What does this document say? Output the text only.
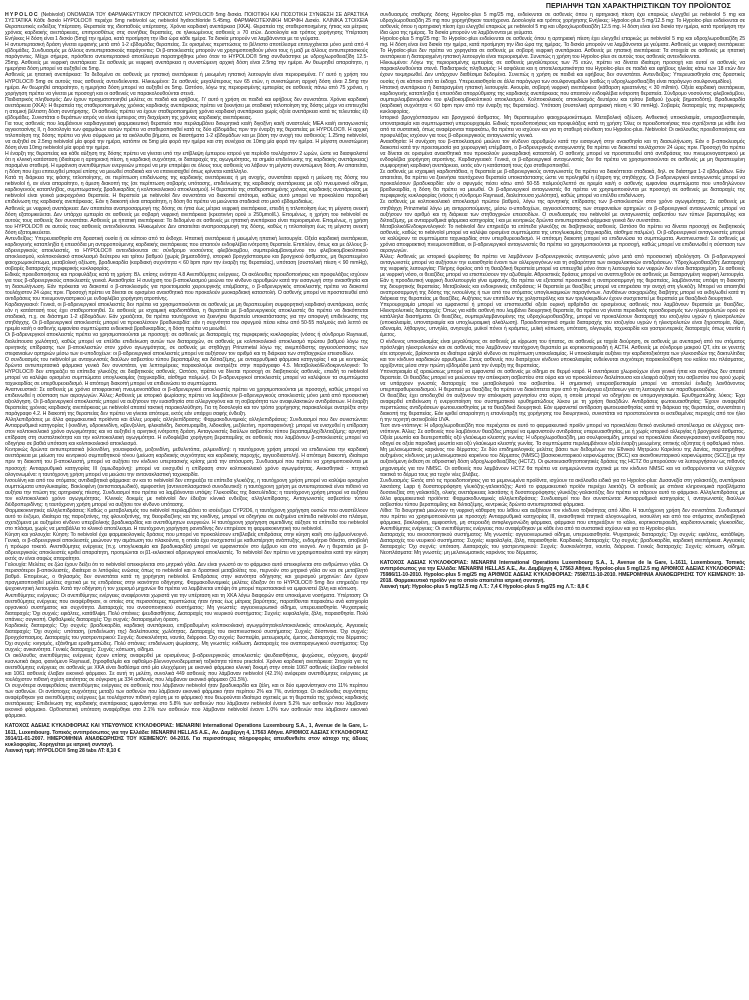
ΠΕΡΙΛΗΨΗ ΤΩΝ ΧΑΡΑΚΤΗΡΙΣΤΙΚΩΝ ΤΟΥ ΠΡΟΪΟΝΤΟΣ

HYPOLOC (Nebivolol) ΟΝΟΜΑΣΙΑ ΤΟΥ ΦΑΡΜΑΚΕΥΤΙΚΟΥ ΠΡΟΪΟΝΤΟΣ HYPOLOC® 5mg δισκία. ΠΟΙΟΤΙΚΗ ΚΑΙ ΠΟΣΟΤΙΚΗ ΣΥΝΘΕΣΗ ΣΕ ΔΡΑΣΤΙΚΑ ΣΥΣΤΑΤΙΚΑ Κάθε δισκίο HYPOLOC® περιέχει 5mg nebivolol ως nebivolol hydrochloride 5.45mg. ΦΑΡΜΑΚΟΤΕΧΝΙΚΗ ΜΟΡΦΗ Δισκίο. ΚΛΙΝΙΚΑ ΣΤΟΙΧΕΙΑ Θεραπευτικές ενδείξεις Υπέρταση. Θεραπεία της ιδιοπαθούς υπέρτασης. Χρόνια καρδιακή ανεπάρκεια (ΧΚΑ). Θεραπεία της σταθεροποιημένης ήπιας και μέτριας χρόνιας καρδιακής ανεπάρκειας, επιπροσθέτως στις συνήθεις θεραπείες, σε ηλικιωμένους ασθενείς ≥ 70 ετών. Δοσολογία και τρόπος χορήγησης Υπέρταση Ενήλικες Η δόση είναι 1 δισκίο (5mg) την ημέρα, κατά προτίμηση την ίδια ώρα κάθε ημέρα. Τα δισκία μπορούν να λαμβάνονται με τα γεύματα.

Η αντιυπερτασική δράση γίνεται εμφανής μετά από 1-2 εβδομάδες θεραπείας. Σε ορισμένες περιπτώσεις το βέλτιστο αποτέλεσμα επιτυγχάνεται μόνο μετά από 4 εβδομάδες. Συνδυασμός με άλλους αντιυπερτασικούς παράγοντες: Οι β-αποκλειστές μπορούν να χρησιμοποιηθούν μόνοι τους ή μαζί με άλλους αντιυπερτασικούς παράγοντες. Μέχρι σήμερα, πρόσθετο αντιυπερτασικό αποτέλεσμα παρατηρήθηκε μόνο όταν το HYPOLOC® 5mg συνδυάστηκε με υδροχλωροθειαζίδη 12.5-25mg. Ασθενείς με νεφρική ανεπάρκεια: Σε ασθενείς με νεφρική ανεπάρκεια η συνιστώμενη αρχική δόση είναι 2.5mg την ημέρα. Αν θεωρηθεί απαραίτητο, η ημερήσια δόση μπορεί να αυξηθεί σε 5mg.

Ασθενείς με ηπατική ανεπάρκεια: Τα δεδομένα σε ασθενείς με ηπατική ανεπάρκεια ή μειωμένη ηπατική λειτουργία είναι περιορισμένα. Γι' αυτό η χρήση του HYPOLOC® 5mg σε αυτούς τους ασθενείς αντενδείκνυται. Ηλικιωμένοι: Σε ασθενείς μεγαλύτερους των 65 ετών, η συνιστώμενη αρχική δόση είναι 2.5mg την ημέρα. Αν θεωρηθεί απαραίτητο, η ημερήσια δόση μπορεί να αυξηθεί σε 5mg. Ωστόσο, λόγω της περιορισμένης εμπειρίας σε ασθενείς πάνω από 75 χρόνια, η χορήγηση πρέπει να γίνεται με προσοχή και οι ασθενείς να παρακολουθούνται στενά.

Παιδιατρικός πληθυσμός: Δεν έχουν πραγματοποιηθεί μελέτες σε παιδιά και εφήβους. Γι' αυτό η χρήση σε παιδιά και εφήβους δεν συνιστάται. Χρόνια καρδιακή ανεπάρκεια (ΧΚΑ): Η θεραπεία της σταθεροποιημένης χρόνιας καρδιακής ανεπάρκειας πρέπει να ξεκινήσει με σταδιακή τιτλοποίηση της δόσης μέχρι να επιτευχθεί η ατομική βέλτιστη δόση συντήρησης. Οι ασθενείς πρέπει να έχουν σταθεροποιημένη χρόνια καρδιακή ανεπάρκεια χωρίς οξεία ανεπάρκεια κατά τις τελευταίες έξι εβδομάδες. Συνιστάται ο θεράπων ιατρός να είναι έμπειρος στη διαχείριση της χρόνιας καρδιακής ανεπάρκειας.

Για τους ασθενείς που λαμβάνουν καρδιαγγειακή φαρμακευτική θεραπεία που περιλαμβάνει διουρητικά και/ή διγοξίνη και/ή αναστολείς ΜΕΑ και/ή ανταγωνιστές αγγειοτασίνης ΙΙ, η δοσολογία των φαρμάκων αυτών πρέπει να σταθεροποιηθεί κατά τις δύο εβδομάδες πριν την έναρξη της θεραπείας με HYPOLOC®. Η αρχική τιτλοποίηση της δόσης πρέπει να γίνει σύμφωνα με τα ακόλουθα βήματα, σε διαστήματα 1-2 εβδομάδων και με βάση την ανοχή του ασθενούς: 1.25mg nebivolol, να αυξηθεί σε 2.5mg nebivolol μία φορά την ημέρα, κατόπιν σε 5mg μία φορά την ημέρα και στη συνέχεια σε 10mg μία φορά την ημέρα. Η μέγιστη συνιστώμενη δόση είναι 10mg nebivolol μία φορά την ημέρα.

Η έναρξη της θεραπείας και κάθε αύξηση της δόσης πρέπει να γίνεται υπό την επίβλεψη έμπειρου ιατρού για περίοδο τουλάχιστον 2 ωρών, ώστε να διασφαλιστεί ότι η κλινική κατάσταση (ιδιαίτερα η αρτηριακή πίεση, η καρδιακή συχνότητα, οι διαταραχές της αγωγιμότητας, τα σημεία επιδείνωσης της καρδιακής ανεπάρκειας) παραμένει σταθερή. Η εμφάνιση ανεπιθύμητων ενεργειών μπορεί να μην επιτρέψει σε όλους τους ασθενείς να λάβουν τη μέγιστη συνιστώμενη δόση. Αν απαιτείται, η δόση που έχει επιτευχθεί μπορεί επίσης να μειωθεί σταδιακά και να επανεισαχθεί όπως κρίνεται κατάλληλο.

Κατά τη διάρκεια της φάσης τιτλοποίησης, σε περίπτωση επιδείνωσης της καρδιακής ανεπάρκειας ή μη ανοχής, συνιστάται αρχικά η μείωση της δόσης του nebivolol ή, αν είναι απαραίτητο, η άμεση διακοπή της (σε περίπτωση σοβαρής υπότασης, επιδείνωσης της καρδιακής ανεπάρκειας με οξύ πνευμονικό οίδημα, καρδιογενούς καταπληξίας, συμπτωματικής βραδυκαρδίας ή κολποκοιλιακού αποκλεισμού). Η θεραπεία της σταθεροποιημένης χρόνιας καρδιακής ανεπάρκειας με nebivolol είναι γενικά μακροχρόνια θεραπεία. Η θεραπεία με nebivolol δεν συνιστάται να διακοπεί απότομα, καθώς αυτό μπορεί να προκαλέσει παροδική επιδείνωση της καρδιακής ανεπάρκειας. Εάν η διακοπή είναι απαραίτητη, η δόση θα πρέπει να μειώνεται σταδιακά στο μισό εβδομαδιαίως.

Ασθενείς με νεφρική ανεπάρκεια: Δεν απαιτείται αναπροσαρμογή της δόσης σε ήπια έως μέτρια νεφρική ανεπάρκεια, επειδή η τιτλοποίηση έως τη μέγιστη ανεκτή δόση εξατομικεύεται. Δεν υπάρχει εμπειρία σε ασθενείς με σοβαρή νεφρική ανεπάρκεια (κρεατινίνη ορού ≥ 250μmol/L). Επομένως, η χρήση του nebivolol σε αυτούς τους ασθενείς δεν συνιστάται. Ασθενείς με ηπατική ανεπάρκεια: Τα δεδομένα σε ασθενείς με ηπατική ανεπάρκεια είναι περιορισμένα. Επομένως, η χρήση του HYPOLOC® σε αυτούς τους ασθενείς αντενδείκνυται. Ηλικιωμένοι: Δεν απαιτείται αναπροσαρμογή της δόσης, καθώς η τιτλοποίηση έως τη μέγιστη ανεκτή δόση εξατομικεύεται.

Αντενδείξεις: Υπερευαισθησία στη δραστική ουσία ή σε κάποιο από τα έκδοχα. Ηπατική ανεπάρκεια ή μειωμένη ηπατική λειτουργία. Οξεία καρδιακή ανεπάρκεια, καρδιογενής καταπληξία ή επεισόδια μη αντιρροπούμενης καρδιακής ανεπάρκειας που απαιτούν ενδοφλέβια ινότροπη θεραπεία. Επιπλέον, όπως και με άλλους β-αδρενεργικούς αποκλειστές, το HYPOLOC® αντενδείκνυται σε: σύνδρομο νοσούντος φλεβόκομβου, συμπεριλαμβανομένου του φλεβοκομβοκολπικού αποκλεισμού, κολποκοιλιακό αποκλεισμό δεύτερου και τρίτου βαθμού (χωρίς βηματοδότη), ιστορικό βρογχόσπασμου και βρογχικού άσθματος, μη θεραπευμένο φαιοχρωμοκύττωμα, μεταβολική οξέωση, βραδυκαρδία (καρδιακή συχνότητα < 60 bpm πριν την έναρξη της θεραπείας), υπόταση (συστολική πίεση < 90 mmHg), σοβαρές διαταραχές περιφερικής κυκλοφορίας.

Ειδικές προειδοποιήσεις και προφυλάξεις κατά τη χρήση: Βλ. επίσης ενότητα 4.8 Ανεπιθύμητες ενέργειες. Οι ακόλουθες προειδοποιήσεις και προφυλάξεις ισχύουν για τους β-αδρενεργικούς αποκλειστές γενικά. Αναισθησία: Η συνέχιση του β-αποκλεισμού μειώνει τον κίνδυνο αρρυθμιών κατά την εισαγωγή στην αναισθησία και τη διασωλήνωση. Εάν πρόκειται να διακοπεί ο β-αποκλεισμός για προετοιμασία χειρουργικής επέμβασης, ο β-αδρενεργικός αποκλειστής πρέπει να διακοπεί τουλάχιστον 24 ώρες πριν. Προσοχή πρέπει να δίνεται σε ορισμένα αναισθητικά που προκαλούν μυοκαρδιακή καταστολή. Ο ασθενής μπορεί να προστατευθεί από αντιδράσεις του πνευμονογαστρικού με ενδοφλέβια χορήγηση ατροπίνης.

Καρδιαγγειακό: Γενικά, οι β-αδρενεργικοί αποκλειστές δεν πρέπει να χρησιμοποιούνται σε ασθενείς με μη θεραπευμένη συμφορητική καρδιακή ανεπάρκεια, εκτός εάν η κατάστασή τους έχει σταθεροποιηθεί. Σε ασθενείς με ισχαιμική καρδιοπάθεια, η θεραπεία με β-αδρενεργικούς αποκλειστές θα πρέπει να διακόπτεται σταδιακά, π.χ. σε διάστημα 1-2 εβδομάδων. Εάν χρειάζεται, θα πρέπει ταυτόχρονα να ξεκινήσει θεραπεία υποκατάστασης για την αποφυγή επιδείνωσης της στηθάγχης. Οι β-αδρενεργικοί αποκλειστές μπορεί να προκαλέσουν βραδυκαρδία: εάν η συχνότητα του σφυγμού πέσει κάτω από 50-55 παλμούς ανά λεπτό σε ηρεμία και/ή ο ασθενής εμφανίσει συμπτώματα ενδεικτικά βραδυκαρδίας, η δόση πρέπει να μειωθεί.

Οι β-αδρενεργικοί αποκλειστές πρέπει να χρησιμοποιούνται με προσοχή: σε ασθενείς με διαταραχές της περιφερικής κυκλοφορίας (νόσος ή σύνδρομο Raynaud, διαλείπουσα χωλότητα), καθώς μπορεί να επέλθει επιδείνωση αυτών των διαταραχών, σε ασθενείς με κολποκοιλιακό αποκλεισμό πρώτου βαθμού λόγω της αρνητικής επίδρασης των β-αποκλειστών στον χρόνο αγωγιμότητας, σε ασθενείς με στηθάγχη Prinzmetal λόγω της ανεμπόδιστης αγγειοσύσπασης των στεφανιαίων αρτηριών μέσω των α-υποδοχέων: οι β-αδρενεργικοί αποκλειστές μπορεί να αυξήσουν τον αριθμό και τη διάρκεια των στηθαγχικών επεισοδίων.

Ο συνδυασμός του nebivolol με ανταγωνιστές διαύλων ασβεστίου τύπου βεραπαμίλης και διλτιαζέμης, με αντιαρρυθμικά φάρμακα κατηγορίας Ι και με κεντρικώς δρώντα αντιυπερτασικά φάρμακα γενικά δεν συνιστάται, για λεπτομέρειες παρακαλούμε ανατρέξτε στην παράγραφο 4.5. Μεταβολικό/Ενδοκρινολογικό: Το HYPOLOC® δεν επηρεάζει τα επίπεδα γλυκόζης σε διαβητικούς ασθενείς. Ωστόσο, πρέπει να δίνεται προσοχή σε διαβητικούς ασθενείς, επειδή το nebivolol μπορεί να καλύψει ορισμένα συμπτώματα υπογλυκαιμίας (ταχυκαρδία, αίσθημα παλμών). Οι β-αδρενεργικοί αποκλειστές μπορεί να καλύψουν τα συμπτώματα ταχυκαρδίας σε υπερθυρεοειδισμό. Η απότομη διακοπή μπορεί να επιδεινώσει τα συμπτώματα.

Αναπνευστικό: Σε ασθενείς με χρόνια αποφρακτική πνευμονοπάθεια οι β-αδρενεργικοί αποκλειστές πρέπει να χρησιμοποιούνται με προσοχή, καθώς μπορεί να επιδεινωθεί η σύσπαση των αεραγωγών. Άλλες: Ασθενείς με ιστορικό ψωρίασης πρέπει να λαμβάνουν β-αδρενεργικούς αποκλειστές μόνο μετά από προσεκτική αξιολόγηση. Οι β-αδρενεργικοί αποκλειστές μπορεί να αυξήσουν την ευαισθησία στα αλλεργιογόνα και τη σοβαρότητα των αναφυλακτικών αντιδράσεων. Η έναρξη θεραπείας χρόνιας καρδιακής ανεπάρκειας με nebivolol απαιτεί τακτική παρακολούθηση. Για τη δοσολογία και τον τρόπο χορήγησης παρακαλούμε ανατρέξτε στην παράγραφο 4.2. Η διακοπή της θεραπείας δεν πρέπει να γίνεται απότομα, εκτός εάν υπάρχει σαφής ένδειξη.

Αλληλεπιδράσεις με άλλα φαρμακευτικά προϊόντα και άλλες μορφές αλληλεπίδρασης: Φαρμακοδυναμικές αλληλεπιδράσεις: Συνδυασμοί που δεν συνιστώνται: Αντιαρρυθμικά κατηγορίας Ι (κινιδίνη, υδροκινιδίνη, κιβενζολίνη, φλεκαϊνίδη, δισοπυραμίδη, λιδοκαΐνη, μεξιλετίνη, προπαφαινόνη): μπορεί να ενισχυθεί η επίδραση στον κολποκοιλιακό χρόνο αγωγιμότητας και να αυξηθεί η αρνητική ινότροπη δράση. Ανταγωνιστές διαύλων ασβεστίου τύπου βεραπαμίλης/διλτιαζέμης: αρνητική επίδραση στη συσταλτικότητα και την κολποκοιλιακή αγωγιμότητα. Η ενδοφλέβια χορήγηση βεραπαμίλης σε ασθενείς που λαμβάνουν β-αποκλειστές μπορεί να οδηγήσει σε βαθιά υπόταση και κολποκοιλιακό αποκλεισμό.

Κεντρικώς δρώντα αντιυπερτασικά (κλονιδίνη, γουανφακίνη, μοξονιδίνη, μεθυλντόπα, ριλμενιδίνη): η ταυτόχρονη χρήση μπορεί να επιδεινώσει την καρδιακή ανεπάρκεια με μείωση του κεντρικού συμπαθητικού τόνου (μείωση καρδιακής συχνότητας και καρδιακής παροχής, αγγειοδιαστολή). Η απότομη διακοπή, ιδιαίτερα πριν τη διακοπή του β-αποκλειστή, μπορεί να αυξήσει τον κίνδυνο υπερτασικής κρίσης μετά την απόσυρση. Συνδυασμοί που πρέπει να χρησιμοποιούνται με προσοχή: Αντιαρρυθμικά κατηγορίας ΙΙΙ (αμιωδαρόνη): μπορεί να ενισχυθεί η επίδραση στον κολποκοιλιακό χρόνο αγωγιμότητας. Αναισθητικά - πτητικά αλογονωμένα: η ταυτόχρονη χρήση μπορεί να μειώσει την αντανακλαστική ταχυκαρδία.

Ινσουλίνη και από του στόματος αντιδιαβητικά φάρμακα: αν και το nebivolol δεν επηρεάζει τα επίπεδα γλυκόζης, η ταυτόχρονη χρήση μπορεί να καλύψει ορισμένα συμπτώματα υπογλυκαιμίας. Βακλοφένη (αντισπασμωδικό), αμιφοστίνη (αντινεοπλασματικό συνοδευτικό): η ταυτόχρονη χρήση με αντιυπερτασικά είναι πιθανό να αυξήσει την πτώση της αρτηριακής πίεσης. Συνδυασμοί που πρέπει να λαμβάνονται υπόψη: Γλυκοσίδες της δακτυλίτιδας: η ταυτόχρονη χρήση μπορεί να αυξήσει τον κολποκοιλιακό χρόνο αγωγιμότητας. Κλινικές δοκιμές με nebivolol δεν έδειξαν κλινικά ενδείξεις αλληλεπίδρασης. Ανταγωνιστές ασβεστίου τύπου διϋδροπυριδίνης: η ταυτόχρονη χρήση μπορεί να αυξήσει τον κίνδυνο υπότασης.

Φαρμακοκινητικές αλληλεπιδράσεις: Καθώς ο μεταβολισμός του nebivolol περιλαμβάνει το ισοένζυμο CYP2D6, η ταυτόχρονη χορήγηση ουσιών που αναστέλλουν αυτό το ένζυμο, ιδιαίτερα της παροξετίνης, της φλουοξετίνης, της θειοριδαζίνης και της κινιδίνης, μπορεί να οδηγήσει σε αυξημένα επίπεδα nebivolol στο πλάσμα, σχετιζόμενα με αυξημένο κίνδυνο υπερβολικής βραδυκαρδίας και ανεπιθύμητων ενεργειών. Η ταυτόχρονη χορήγηση σιμετιδίνης αύξησε τα επίπεδα του nebivolol στο πλάσμα, χωρίς να μεταβάλλει το κλινικό αποτέλεσμα. Η ταυτόχρονη χορήγηση ρανιτιδίνης δεν επηρέασε τη φαρμακοκινητική του nebivolol.

Κύηση και γαλουχία: Κύηση: Το nebivolol έχει φαρμακολογικές δράσεις που μπορεί να προκαλέσουν επιβλαβείς επιδράσεις στην κύηση και/ή στο έμβρυο/νεογνό. Γενικά, οι β-αδρενεργικοί αποκλειστές μειώνουν την αιμάτωση του πλακούντα, η οποία έχει συσχετιστεί με καθυστέρηση ανάπτυξης, ενδομήτριο θάνατο, αποβολή ή πρόωρο τοκετό. Ανεπιθύμητες ενέργειες (π.χ. υπογλυκαιμία και βραδυκαρδία) μπορεί να εμφανιστούν στο έμβρυο και στο νεογνό. Αν η θεραπεία με β-αδρενεργικούς αποκλειστές κριθεί απαραίτητη, προτιμώνται οι β1-εκλεκτικοί αδρενεργικοί αποκλειστές. Το nebivolol δεν πρέπει να χρησιμοποιείται κατά την κύηση εκτός αν είναι σαφώς απαραίτητο.

Γαλουχία: Μελέτες σε ζώα έχουν δείξει ότι το nebivolol απεκκρίνεται στο μητρικό γάλα. Δεν είναι γνωστό αν το φάρμακο αυτό απεκκρίνεται στο ανθρώπινο γάλα. Οι περισσότεροι β-αποκλειστές, ιδιαίτερα οι λιπόφιλες ενώσεις όπως το nebivolol και οι δραστικοί μεταβολίτες του, περνούν στο μητρικό γάλα αν και σε μεταβλητό βαθμό. Επομένως, ο θηλασμός δεν συνιστάται κατά τη χορήγηση nebivolol. Επιδράσεις στην ικανότητα οδήγησης και χειρισμού μηχανών: Δεν έχουν πραγματοποιηθεί μελέτες σχετικά με τις επιδράσεις στην ικανότητα οδήγησης. Φαρμακοδυναμικές μελέτες έδειξαν ότι το HYPOLOC® 5mg δεν επηρεάζει την ψυχοκινητική λειτουργία. Κατά την οδήγηση ή τον χειρισμό μηχανών θα πρέπει να λαμβάνεται υπόψη ότι μπορεί περιστασιακά να εμφανιστεί ζάλη και κόπωση.

Ανεπιθύμητες ενέργειες: Οι ανεπιθύμητες ενέργειες αναφέρονται χωριστά για την υπέρταση και τη ΧΚΑ λόγω διαφορών στα υποκείμενα νοσήματα. Υπέρταση: Οι ανεπιθύμητες ενέργειες που αναφέρθηκαν, οι οποίες στις περισσότερες περιπτώσεις ήταν ήπιας έως μέτριας βαρύτητας, παρατίθενται παρακάτω ανά κατηγορία οργανικού συστήματος και συχνότητα. Διαταραχές του ανοσοποιητικού συστήματος: Μη γνωστές: αγγειονευρωτικό οίδημα, υπερευαισθησία. Ψυχιατρικές διαταραχές: Όχι συχνές: εφιάλτες, κατάθλιψη. Πολύ σπάνιες: ψευδαισθήσεις. Διαταραχές του νευρικού συστήματος: Συχνές: κεφαλαλγία, ζάλη, παραισθησία. Πολύ σπάνιες: συγκοπή. Οφθαλμικές διαταραχές: Όχι συχνές: διαταραγμένη όραση.

Καρδιακές διαταραχές: Όχι συχνές: βραδυκαρδία, καρδιακή ανεπάρκεια, επιβραδυμένη κολποκοιλιακή αγωγιμότητα/κολποκοιλιακός αποκλεισμός. Αγγειακές διαταραχές: Όχι συχνές: υπόταση, (επιδείνωση της) διαλείπουσας χωλότητας. Διαταραχές του αναπνευστικού συστήματος: Συχνές: δύσπνοια. Όχι συχνές: βρογχόσπασμος. Διαταραχές του γαστρεντερικού: Συχνές: δυσκοιλιότητα, ναυτία, διάρροια. Όχι συχνές: δυσπεψία, μετεωρισμός, έμετος. Διαταραχές του δέρματος: Όχι συχνές: κνησμός, εξάνθημα ερυθηματώδες. Πολύ σπάνιες: επιδείνωση ψωρίασης. Μη γνωστές: κνίδωση. Διαταραχές του αναπαραγωγικού συστήματος: Όχι συχνές: ανικανότητα. Γενικές διαταραχές: Συχνές: κόπωση, οίδημα.

Οι ακόλουθες ανεπιθύμητες ενέργειες έχουν επίσης αναφερθεί με ορισμένους β-αδρενεργικούς αποκλειστές: ψευδαισθήσεις, ψυχώσεις, σύγχυση, ψυχρά/κυανωτικά άκρα, φαινόμενο Raynaud, ξηροφθαλμία και οφθαλμο-βλεννογονοδερματική τοξικότητα τύπου practolol. Χρόνια καρδιακή ανεπάρκεια: Στοιχεία για τις ανεπιθύμητες ενέργειες σε ασθενείς με ΧΚΑ είναι διαθέσιμα από μία ελεγχόμενη με εικονικό φάρμακο κλινική δοκιμή στην οποία 1067 ασθενείς έλαβαν nebivolol και 1061 ασθενείς έλαβαν εικονικό φάρμακο. Σε αυτή τη μελέτη, συνολικά 449 ασθενείς που λάμβαναν nebivolol (42.1%) ανέφεραν ανεπιθύμητες ενέργειες με τουλάχιστον πιθανή σχέση αιτιότητας σε σύγκριση με 334 ασθενείς που λάμβαναν εικονικό φάρμακο (31.5%).

Οι συχνότερα αναφερθείσες ανεπιθύμητες ενέργειες σε ασθενείς που λάμβαναν nebivolol ήταν βραδυκαρδία και ζάλη, και οι δύο εμφανίστηκαν στο 11% περίπου των ασθενών. Οι αντίστοιχες συχνότητες μεταξύ των ασθενών που λάμβαναν εικονικό φάρμακο ήταν περίπου 2% και 7%, αντίστοιχα. Οι ακόλουθες συχνότητες αναφέρθηκαν για ανεπιθύμητες ενέργειες (με τουλάχιστον πιθανή σχέση με το φάρμακο) που θεωρούνται ιδιαίτερα σχετικές με τη θεραπεία της χρόνιας καρδιακής ανεπάρκειας: Επιδείνωση της καρδιακής ανεπάρκειας εμφανίστηκε στο 5.8% των ασθενών που λάμβαναν nebivolol έναντι 5.2% των ασθενών που λάμβαναν εικονικό φάρμακο. Ορθοστατική υπόταση αναφέρθηκε στο 2.1% των ασθενών που λάμβαναν nebivolol έναντι 1.0% των ασθενών που λάμβαναν εικονικό φάρμακο.

ΚΑΤΟΧΟΣ ΑΔΕΙΑΣ ΚΥΚΛΟΦΟΡΙΑΣ ΚΑΙ ΥΠΕΥΘΥΝΟΣ ΚΥΚΛΟΦΟΡΙΑΣ: MENARINI International Operations Luxembourg S.A., 1, Avenue de la Gare, L-1611, Luxembourg. Τοπικός αντιπρόσωπος για την Ελλάδα: MENARINI HELLAS A.E., Αν. Δαμβέργη 4, 17563 Αθήνα. ΑΡΙΘΜΟΣ ΑΔΕΙΑΣ ΚΥΚΛΟΦΟΡΙΑΣ 3914/11-01-2007. ΗΜΕΡΟΜΗΝΙΑ ΑΝΑΘΕΩΡΗΣΗΣ ΤΟΥ ΚΕΙΜΕΝΟΥ: 04-2016. Για περισσότερες πληροφορίες απευθυνθείτε στον κάτοχο της άδειας κυκλοφορίας. Χορηγείται με ιατρική συνταγή.

Λιανική τιμή: HYPOLOC® 5mg 28 tabs ΛΤ: 8,10 €

συνδυασμός σταθερής δόσης Hypoloc-plus 5 mg/25 mg, ενδείκνυται σε ασθενείς όπου η αρτηριακή πίεση έχει επαρκώς ελεγχθεί με nebivolol 5 mg και υδροχλωροθειαζίδη 25 mg που χορηγήθηκαν ταυτόχρονα. Δοσολογία και τρόπος χορήγησης Ενήλικες: Hypoloc-plus 5 mg/12.5 mg: Το Hypoloc-plus ενδείκνυται σε ασθενείς όπου η αρτηριακή πίεση έχει ελεγχθεί επαρκώς με nebivolol 5 mg και υδροχλωροθειαζίδη 12.5 mg. Η δόση είναι ένα δισκίο την ημέρα, κατά προτίμηση την ίδια ώρα της ημέρας. Τα δισκία μπορούν να λαμβάνονται με γεύματα.

Hypoloc-plus 5 mg/25 mg: Το Hypoloc-plus ενδείκνυται σε ασθενείς όπου η αρτηριακή πίεση έχει ελεγχθεί επαρκώς με nebivolol 5 mg και υδροχλωροθειαζίδη 25 mg. Η δόση είναι ένα δισκίο την ημέρα, κατά προτίμηση την ίδια ώρα της ημέρας. Τα δισκία μπορούν να λαμβάνονται με γεύματα. Ασθενείς με νεφρική ανεπάρκεια: Το Hypoloc-plus δεν πρέπει να χορηγείται σε ασθενείς με σοβαρή νεφρική ανεπάρκεια. Ασθενείς με ηπατική ανεπάρκεια: Τα στοιχεία σε ασθενείς με ηπατική ανεπάρκεια ή διαταραγμένη ηπατική λειτουργία είναι περιορισμένα. Συνεπώς η χρήση του Hypoloc-plus σε αυτούς τους ασθενείς αντενδείκνυται.

Ηλικιωμένοι: Λόγω της περιορισμένης εμπειρίας σε ασθενείς μεγαλύτερους των 75 ετών, πρέπει να δίνεται ιδιαίτερη προσοχή και αυτοί οι ασθενείς να παρακολουθούνται στενά. Παιδιατρικός πληθυσμός: Η ασφάλεια και η αποτελεσματικότητα του Hypoloc-plus σε παιδιά και εφήβους ηλικίας κάτω των 18 ετών δεν έχουν τεκμηριωθεί. Δεν υπάρχουν διαθέσιμα δεδομένα. Συνεπώς η χρήση σε παιδιά και εφήβους δεν συνιστάται. Αντενδείξεις: Υπερευαισθησία στις δραστικές ουσίες ή σε κάποιο από τα έκδοχα. Υπερευαισθησία σε άλλα παράγωγα των σουλφοναμιδίων (καθώς η υδροχλωροθειαζίδη είναι παράγωγο σουλφοναμιδίου).

Ηπατική ανεπάρκεια ή διαταραγμένη ηπατική λειτουργία. Ανουρία, σοβαρή νεφρική ανεπάρκεια (κάθαρση κρεατινίνης < 30 ml/min). Οξεία καρδιακή ανεπάρκεια, καρδιογενής καταπληξία ή επεισόδια απορρύθμισης της καρδιακής ανεπάρκειας που απαιτούν ενδοφλέβια ινότροπη θεραπεία. Σύνδρομο νοσούντος φλεβοκόμβου, συμπεριλαμβανομένου του φλεβοκομβοκολπικού αποκλεισμού. Κολποκοιλιακός αποκλεισμός δευτέρου και τρίτου βαθμού (χωρίς βηματοδότη). Βραδυκαρδία (καρδιακή συχνότητα < 60 bpm πριν από την έναρξη της θεραπείας). Υπόταση (συστολική αρτηριακή πίεση < 90 mmHg). Σοβαρές διαταραχές της περιφερικής κυκλοφορίας.

Ιστορικό βρογχόσπασμου και βρογχικού άσθματος. Μη θεραπευμένο φαιοχρωμοκύττωμα. Μεταβολική οξέωση. Ανθεκτική υποκαλιαιμία, υπερασβεστιαιμία, υπονατριαιμία και συμπτωματική υπερουριχαιμία. Ειδικές προειδοποιήσεις και προφυλάξεις κατά τη χρήση: Όλες οι προειδοποιήσεις που σχετίζονται με κάθε ένα από τα συστατικά, όπως αναφέρονται παρακάτω, θα πρέπει να ισχύουν και για τη σταθερή σύνθεση του Hypoloc-plus. Nebivolol: Οι ακόλουθες προειδοποιήσεις και προφυλάξεις ισχύουν για τους β-αδρενεργικούς ανταγωνιστές γενικά.

Αναισθησία: Η συνέχιση του β-αποκλεισμού μειώνει τον κίνδυνο αρρυθμιών κατά την εισαγωγή στην αναισθησία και τη διασωλήνωση. Εάν ο β-αποκλεισμός διακοπεί κατά την προετοιμασία για χειρουργική επέμβαση, ο β-αδρενεργικός ανταγωνιστής θα πρέπει να διακοπεί τουλάχιστον 24 ώρες πριν. Προσοχή θα πρέπει να δίνεται σε ορισμένα αναισθητικά που προκαλούν μυοκαρδιακή καταστολή. Ο ασθενής μπορεί να προστατευθεί από αντιδράσεις του πνευμονογαστρικού με ενδοφλέβια χορήγηση ατροπίνης. Καρδιαγγειακό: Γενικά, οι β-αδρενεργικοί ανταγωνιστές δεν θα πρέπει να χρησιμοποιούνται σε ασθενείς με μη θεραπευμένη συμφορητική καρδιακή ανεπάρκεια, εκτός εάν η κατάστασή τους έχει σταθεροποιηθεί.

Σε ασθενείς με ισχαιμική καρδιοπάθεια, η θεραπεία με β-αδρενεργικούς ανταγωνιστές θα πρέπει να διακόπτεται σταδιακά, δηλ. σε διάστημα 1-2 εβδομάδων. Εάν απαιτείται, θα πρέπει να ξεκινήσει ταυτόχρονα θεραπεία υποκατάστασης ώστε να προληφθεί η έξαρση της στηθάγχης. Οι β-αδρενεργικοί ανταγωνιστές μπορεί να προκαλέσουν βραδυκαρδία: εάν ο σφυγμός πέσει κάτω από 50-55 παλμούς/λεπτό σε ηρεμία και/ή ο ασθενής εμφανίσει συμπτώματα που υποδηλώνουν βραδυκαρδία, η δόση θα πρέπει να μειωθεί. Οι β-αδρενεργικοί ανταγωνιστές θα πρέπει να χρησιμοποιούνται με προσοχή σε ασθενείς με διαταραχές της περιφερικής κυκλοφορίας (νόσος ή σύνδρομο Raynaud, διαλείπουσα χωλότητα), καθώς μπορεί να επέλθει επιδείνωση.

Σε ασθενείς με κολποκοιλιακό αποκλεισμό πρώτου βαθμού, λόγω της αρνητικής επίδρασης των β-αποκλειστών στον χρόνο αγωγιμότητας. Σε ασθενείς με στηθάγχη Prinzmetal λόγω μη αντιρροπούμενης, μέσω α-υποδοχέων, αγγειοσύσπασης των στεφανιαίων αρτηριών: οι β-αδρενεργικοί ανταγωνιστές μπορεί να αυξήσουν τον αριθμό και τη διάρκεια των στηθαγχικών επεισοδίων. Ο συνδυασμός του nebivolol με ανταγωνιστές ασβεστίου των τύπων βεραπαμίλης και διλτιαζέμης, με αντιαρρυθμικά φάρμακα κατηγορίας Ι και με κεντρικώς δρώντα αντιυπερτασικά φάρμακα γενικά δεν συνιστάται.

Μεταβολικό/Ενδοκρινολογικό: Το nebivolol δεν επηρεάζει τα επίπεδα γλυκόζης σε διαβητικούς ασθενείς. Ωστόσο θα πρέπει να δίνεται προσοχή σε διαβητικούς ασθενείς, καθώς το nebivolol μπορεί να καλύψει ορισμένα συμπτώματα της υπογλυκαιμίας (ταχυκαρδία, αίσθημα παλμών). Οι β-αδρενεργικοί ανταγωνιστές μπορεί να καλύψουν τα συμπτώματα ταχυκαρδίας στον υπερθυρεοειδισμό. Η απότομη διακοπή μπορεί να επιδεινώσει τα συμπτώματα. Αναπνευστικό: Σε ασθενείς με χρόνια αποφρακτική πνευμονοπάθεια, οι β-αδρενεργικοί ανταγωνιστές θα πρέπει να χρησιμοποιούνται με προσοχή, καθώς μπορεί να επιδεινωθεί η σύσπαση των αεραγωγών.

Άλλες: Ασθενείς με ιστορικό ψωρίασης θα πρέπει να λαμβάνουν β-αδρενεργικούς ανταγωνιστές μόνο μετά από προσεκτική αξιολόγηση. Οι β-αδρενεργικοί ανταγωνιστές μπορεί να αυξήσουν την ευαισθησία έναντι των αλλεργιογόνων και τη σοβαρότητα των αναφυλακτικών αντιδράσεων. Υδροχλωροθειαζίδη: Διαταραχή της νεφρικής λειτουργίας: Πλήρης όφελος από τη θειαζιδική θεραπεία μπορεί να επιτευχθεί μόνο όταν η λειτουργία των νεφρών δεν είναι διαταραγμένη. Σε ασθενείς με νεφρική νόσο, οι θειαζίδες μπορεί να επισπεύσουν την αζωθαιμία. Αθροιστικές δράσεις μπορεί να αναπτυχθούν σε ασθενείς με διαταραγμένη νεφρική λειτουργία.

Εάν η προοδευτική νεφρική δυσλειτουργία γίνει εμφανής, θα πρέπει να εξεταστεί προσεκτικά η αναπροσαρμογή της θεραπείας, λαμβάνοντας υπόψη τη διακοπή της διουρητικής θεραπείας. Μεταβολικές και ενδοκρινικές επιδράσεις: Η θεραπεία με θειαζίδες μπορεί να επηρεάσει την ανοχή στη γλυκόζη. Μπορεί να απαιτηθεί αναπροσαρμογή της δόσης της ινσουλίνης ή των από του στόματος υπογλυκαιμικών παραγόντων. Λανθάνων σακχαρώδης διαβήτης μπορεί να εκδηλωθεί κατά τη διάρκεια της θεραπείας με θειαζίδες. Αυξήσεις των επιπέδων της χοληστερόλης και των τριγλυκεριδίων έχουν συσχετιστεί με θεραπεία με θειαζιδικά διουρητικά.

Υπερουριχαιμία μπορεί να εμφανιστεί ή μπορεί να επισπευσθεί οξεία ουρική αρθρίτιδα σε ορισμένους ασθενείς που λαμβάνουν θεραπεία με θειαζίδες. Ηλεκτρολυτικές διαταραχές: Όπως για κάθε ασθενή που λαμβάνει διουρητική θεραπεία, θα πρέπει να γίνεται περιοδικός προσδιορισμός των ηλεκτρολυτών ορού σε κατάλληλα διαστήματα. Οι θειαζίδες, συμπεριλαμβανομένης της υδροχλωροθειαζίδης, μπορεί να προκαλέσουν διαταραχή του ισοζυγίου υγρών ή ηλεκτρολυτών (υποκαλιαιμία, υπονατριαιμία και υποχλωραιμική αλκάλωση). Προειδοποιητικά σημεία διαταραχής του ισοζυγίου υγρών ή ηλεκτρολυτών είναι ξηροστομία, δίψα, αδυναμία, λήθαργος, υπνηλία, ανησυχία, μυϊκοί πόνοι ή κράμπες, μυϊκή κόπωση, υπόταση, ολιγουρία, ταχυκαρδία και γαστρεντερικές διαταραχές όπως ναυτία ή έμετος.

Ο κίνδυνος υποκαλιαιμίας είναι μεγαλύτερος σε ασθενείς με κίρρωση του ήπατος, σε ασθενείς με ταχεία διούρηση, σε ασθενείς με ανεπαρκή από του στόματος πρόσληψη ηλεκτρολυτών και σε ασθενείς που λαμβάνουν ταυτόχρονη θεραπεία με κορτικοστεροειδή ή ACTH. Ασθενείς με σύνδρομο μακρού QT, είτε εκ γενετής είτε ιατρογενές, βρίσκονται σε ιδιαίτερα υψηλό κίνδυνο σε περίπτωση υποκαλιαιμίας. Η υποκαλιαιμία αυξάνει την καρδιοτοξικότητα των γλυκοσιδών της δακτυλίτιδας και τον κίνδυνο καρδιακών αρρυθμιών. Στους ασθενείς που διατρέχουν κίνδυνο υποκαλιαιμίας ενδείκνυται συχνότερη παρακολούθηση του καλίου του πλάσματος, αρχίζοντας μέσα στην πρώτη εβδομάδα μετά την έναρξη της θεραπείας.

Υπονατριαιμία εξ αραιώσεως μπορεί να εμφανιστεί σε ασθενείς με οίδημα σε θερμό καιρό. Η ανεπάρκεια χλωριούχων είναι γενικά ήπια και συνήθως δεν απαιτεί θεραπεία. Οι θειαζίδες μπορεί να μειώσουν την απέκκριση ασβεστίου στα ούρα και να προκαλέσουν διαλείπουσα και ελαφρά αύξηση του ασβεστίου του ορού χωρίς να υπάρχουν γνωστές διαταραχές του μεταβολισμού του ασβεστίου. Η σημαντική υπερασβεστιαιμία μπορεί να αποτελεί ένδειξη λανθάνοντος υπερπαραθυρεοειδισμού. Η θεραπεία με θειαζίδες θα πρέπει να διακόπτεται πριν από τη διενέργεια εξετάσεων για τη λειτουργία των παραθυρεοειδών.

Οι θειαζίδες έχει αποδειχθεί ότι αυξάνουν την απέκκριση μαγνησίου στα ούρα, η οποία μπορεί να οδηγήσει σε υπομαγνησιαιμία. Ερυθηματώδης λύκος: Έχει αναφερθεί επιδείνωση ή ενεργοποίηση του συστηματικού ερυθηματώδους λύκου με τη χρήση θειαζιδών. Αντιδράσεις φωτοευαισθησίας: Έχουν αναφερθεί περιπτώσεις αντιδράσεων φωτοευαισθησίας με τα θειαζιδικά διουρητικά. Εάν εμφανιστεί αντίδραση φωτοευαισθησίας κατά τη διάρκεια της θεραπείας, συνιστάται η διακοπή της θεραπείας. Εάν κριθεί απαραίτητη η επανέναρξη της χορήγησης του διουρητικού, συνιστάται να προστατεύονται οι εκτεθειμένες περιοχές από τον ήλιο ή την τεχνητή ακτινοβολία UVA.

Τεστ αντι-ντόπινγκ: Η υδροχλωροθειαζίδη που περιέχεται σε αυτό το φαρμακευτικό προϊόν μπορεί να προκαλέσει θετικό αναλυτικό αποτέλεσμα σε ελέγχους αντι-ντόπινγκ. Άλλες: Σε ασθενείς που λαμβάνουν θειαζίδες μπορεί να εμφανιστούν αντιδράσεις υπερευαισθησίας, με ή χωρίς ιστορικό αλλεργίας ή βρογχικού άσθματος. Οξεία μυωπία και δευτεροπαθές οξύ γλαύκωμα κλειστής γωνίας: Η υδροχλωροθειαζίδη, μια σουλφοναμίδη, μπορεί να προκαλέσει ιδιοσυγκρασιακή αντίδραση που οδηγεί σε οξεία παροδική μυωπία και οξύ γλαύκωμα κλειστής γωνίας. Τα συμπτώματα περιλαμβάνουν οξεία έναρξη μειωμένης οπτικής οξύτητας ή οφθαλμικό πόνο.

Μη μελανωματικός καρκίνος του δέρματος: Σε δύο επιδημιολογικές μελέτες βάσει των δεδομένων του Εθνικού Μητρώου Καρκίνου της Δανίας, παρατηρήθηκε αυξημένος κίνδυνος μη μελανωματικού καρκίνου του δέρματος (NMSC) [βασικοκυτταρικού καρκινώματος (BCC) και ακανθοκυτταρικού καρκινώματος (SCC)] με την αυξανόμενη έκθεση σε αθροιστική δόση υδροχλωροθειαζίδης (HCTZ). Οι φωτοευαισθητοποιητικές δράσεις της HCTZ θα μπορούσαν να λειτουργήσουν ως πιθανός μηχανισμός για τον NMSC. Οι ασθενείς που λαμβάνουν HCTZ θα πρέπει να ενημερώνονται σχετικά με τον κίνδυνο NMSC και να ενθαρρύνονται να ελέγχουν τακτικά το δέρμα τους για τυχόν νέες βλάβες.

Συνδυασμός: Εκτός από τις προειδοποιήσεις για τα μεμονωμένα προϊόντα, ισχύουν τα ακόλουθα ειδικά για το Hypoloc-plus: Δυσανεξία στη γαλακτόζη, ανεπάρκεια λακτάσης Lapp ή δυσαπορρόφηση γλυκόζης-γαλακτόζης: Αυτό το φαρμακευτικό προϊόν περιέχει λακτόζη. Οι ασθενείς με σπάνια κληρονομικά προβλήματα δυσανεξίας στη γαλακτόζη, ολικής ανεπάρκειας λακτάσης ή δυσαπορρόφησης γλυκόζης-γαλακτόζης δεν πρέπει να πάρουν αυτό το φάρμακο. Αλληλεπιδράσεις με άλλα φαρμακευτικά προϊόντα: Φαρμακοδυναμικές αλληλεπιδράσεις: Συνδυασμοί που δεν συνιστώνται: Αντιαρρυθμικά κατηγορίας Ι, ανταγωνιστές διαύλων ασβεστίου τύπου βεραπαμίλης και διλτιαζέμης, κεντρικώς δρώντα αντιυπερτασικά φάρμακα.

Λίθιο: Τα διουρητικά μειώνουν τη νεφρική κάθαρση του λιθίου και αυξάνουν τον κίνδυνο τοξικότητας από λίθιο. Η ταυτόχρονη χρήση δεν συνιστάται. Συνδυασμοί που πρέπει να χρησιμοποιούνται με προσοχή: Αντιαρρυθμικά κατηγορίας ΙΙΙ, αναισθητικά πτητικά αλογονωμένα, ινσουλίνη και από του στόματος αντιδιαβητικά φάρμακα, βακλοφένη, αμιφοστίνη, μη στεροειδή αντιφλεγμονώδη φάρμακα, φάρμακα που επηρεάζουν το κάλιο, κορτικοστεροειδή, καρδιοτονωτικές γλυκοσίδες. Ανεπιθύμητες ενέργειες: Οι ανεπιθύμητες ενέργειες που αναφέρθηκαν με κάθε ένα από τα συστατικά ισχύουν και για το Hypoloc-plus.

Διαταραχές του ανοσοποιητικού συστήματος: Μη γνωστές: αγγειονευρωτικό οίδημα, υπερευαισθησία. Ψυχιατρικές διαταραχές: Όχι συχνές: εφιάλτες, κατάθλιψη. Διαταραχές του νευρικού συστήματος: Συχνές: κεφαλαλγία, ζάλη, παραισθησία. Καρδιακές διαταραχές: Όχι συχνές: βραδυκαρδία, καρδιακή ανεπάρκεια. Αγγειακές διαταραχές: Όχι συχνές: υπόταση. Διαταραχές του γαστρεντερικού: Συχνές: δυσκοιλιότητα, ναυτία, διάρροια. Γενικές διαταραχές: Συχνές: κόπωση, οίδημα. Νεοπλάσματα: Μη γνωστές: μη μελανωματικός καρκίνος του δέρματος.

ΚΑΤΟΧΟΣ ΑΔΕΙΑΣ ΚΥΚΛΟΦΟΡΙΑΣ: MENARINI International Operations Luxembourg S.A., 1, Avenue de la Gare, L-1611, Luxembourg. Τοπικός αντιπρόσωπος για την Ελλάδα: MENARINI HELLAS A.E., Αν. Δαμβέργη 4, 17563 Αθήνα. Hypoloc-plus 5 mg/12.5 mg ΑΡΙΘΜΟΣ ΑΔΕΙΑΣ ΚΥΚΛΟΦΟΡΙΑΣ: 75986/11-10-2010. Hypoloc-plus 5 mg/25 mg ΑΡΙΘΜΟΣ ΑΔΕΙΑΣ ΚΥΚΛΟΦΟΡΙΑΣ: 75987/11-10-2010. ΗΜΕΡΟΜΗΝΙΑ ΑΝΑΘΕΩΡΗΣΗΣ ΤΟΥ ΚΕΙΜΕΝΟΥ: 10-2018. Φαρμακευτικό προϊόν για το οποίο απαιτείται ιατρική συνταγή.

Λιανική τιμή: Hypoloc-plus 5 mg/12.5 mg Λ.Τ.: 7,4 € Hypoloc-plus 5 mg/25 mg Λ.Τ.: 8,8 €
